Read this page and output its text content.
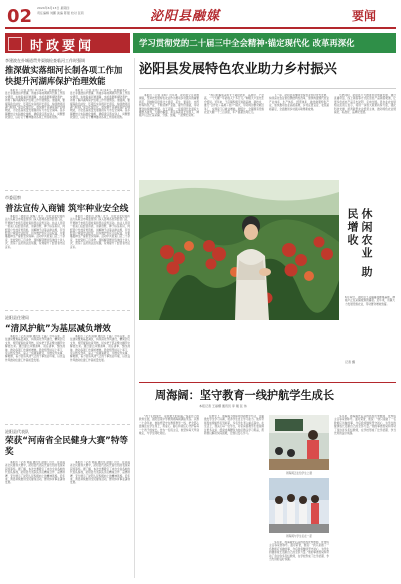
02 2024年6月13日 星期四
责任编辑 刘鹏 美编 陈强 校对 张莉	泌阳县融媒	要闻
时政要闻	学习贯彻党的二十届三中全会精神·锚定现代化 改革再深化
李建波在扑城道贯井渠镇检查临河工作时强调
推深做实落细河长制各项工作加快提升河湖库保护治理效能

本报讯（记者 张伟）6月12日，县委副书记、县长李建波到羊册镇、贾楼乡等地调研河长制工作落实情况，实地查看河道清障、水质监测和堤防养护，详细了解河湖库保护治理工作开展情况。他强调，要提高政治站位，压紧压实各级河长责任，持续推进河湖“清四乱”常态化规范化，加快提升河湖库保护治理效能，为全县高质量发展提供有力水安全保障。各乡镇要结合实际细化措施，确保责任落实到人，问题整改到位，以钉钉子精神推动各项工作落地见效。

本报讯（记者 张伟）6月12日，县委副书记、县长李建波到羊册镇、贾楼乡等地调研河长制工作落实情况，实地查看河道清障、水质监测和堤防养护，详细了解河湖库保护治理工作开展情况。他强调，要提高政治站位，压紧压实各级河长责任，持续推进河湖“清四乱”常态化规范化，加快提升河湖库保护治理效能，为全县高质量发展提供有力水安全保障。各乡镇要结合实际细化措施，确保责任落实到人，问题整改到位，以钉钉子精神推动各项工作落地见效。

市委巡察
普法宣传入商铺 筑牢种业安全线

本报讯（通讯员 李嫣）近日，县农业农村局执法大队联合市场监管部门深入县城各农资经营门店，开展种子市场专项检查和普法宣传活动。执法人员逐一检查门店经营资质、进销台账、种子标签标识，向经营户发放宣传资料，讲解种子法等法律法规，引导经营户诚信守法经营，切实维护农民合法权益，为夏播夏种生产提供坚实保障。活动中共检查门店二十余家，发放资料三百余份，现场解答群众咨询四十余人次，营造了良好的法治氛围，有效提升了经营者守法意识。

本报讯（通讯员 李嫣）近日，县农业农村局执法大队联合市场监管部门深入县城各农资经营门店，开展种子市场专项检查和普法宣传活动。执法人员逐一检查门店经营资质、进销台账、种子标签标识，向经营户发放宣传资料，讲解种子法等法律法规，引导经营户诚信守法经营，切实维护农民合法权益，为夏播夏种生产提供坚实保障。活动中共检查门店二十余家，发放资料三百余份，现场解答群众咨询四十余人次，营造了良好的法治氛围，有效提升了经营者守法意识。

泌阳县住建局
“清风护航”为基层减负增效

本报讯（记者 陈静 通讯员 王磊）今年以来，县住建局聚焦基层减负，持续深化作风建设，精简会议文件，规范督查检查考核，切实把干部从繁文缛节中解放出来。通过建立问题清单、责任清单、整改清单，推动各项工作提质增效。局党组坚持以上率下，带头转变作风，深入一线调查研究，为群众办实事、解难题，着力营造风清气正的干事创业环境，以优良作风推动住建工作高质量发展。

本报讯（记者 陈静 通讯员 王磊）今年以来，县住建局聚焦基层减负，持续深化作风建设，精简会议文件，规范督查检查考核，切实把干部从繁文缛节中解放出来。通过建立问题清单、责任清单、整改清单，推动各项工作提质增效。局党组坚持以上率下，带头转变作风，深入一线调查研究，为群众办实事、解难题，着力营造风清气正的干事创业环境，以优良作风推动住建工作高质量发展。

泌阳县代表队
荣获“河南省全民健身大赛”特等奖

本报讯（记者 刘丽 通讯员 赵强）近日，在河南省全民健身大赛中，泌阳县代表队凭借出色的表现荣获特等奖。据了解，本次比赛吸引了来自全省各地的代表队参加，泌阳县代表队队员们精诚合作、奋勇拼搏，充分展示了泌阳人民积极向上的精神风貌。近年来，我县持续推进全民健身活动，群众体育事业蓬勃发展。

本报讯（记者 刘丽 通讯员 赵强）近日，在河南省全民健身大赛中，泌阳县代表队凭借出色的表现荣获特等奖。据了解，本次比赛吸引了来自全省各地的代表队参加，泌阳县代表队队员们精诚合作、奋勇拼搏，充分展示了泌阳人民积极向上的精神风貌。近年来，我县持续推进全民健身活动，群众体育事业蓬勃发展。

泌阳县发展特色农业助力乡村振兴

本报讯（记者 李明）近年来，泌阳县立足资源禀赋，坚持把发展特色农业作为推动乡村振兴的重要抓手，因地制宜培育壮大香菇、花生、夏南牛、中药材等特色产业，不断延伸产业链、提升价值链，带动群众持续增收致富。在王店镇，一座座现代化温室大棚整齐排列，大棚内番茄、黄瓜等蔬菜长势喜人，种植户们正忙着采摘、分拣、装箱，一派繁忙景象。

“我们的番茄采用无土栽培技术，品质好、产量高，一个大棚一年能收入十多万元。”种植大户张先生介绍说。近年来，王店镇积极引进新品种、新技术，推行“合作社＋基地＋农户”模式，带动周边群众就近务工，实现家门口就业增收。据统计，全镇现有设施农业大棚一千二百余座，年产值超过两亿元。

下一步，泌阳县将继续坚持农业农村优先发展，持续深化农业供给侧结构性改革，加快构建现代农业产业体系、生产体系、经营体系，做优做强特色产业，加快推动农业高质高效、乡村宜居宜业、农民富裕富足，全面推进乡村振兴取得新成效。

与此同时，泌阳县大力推进农村电商发展，通过直播带货、线上销售等方式拓宽农产品销售渠道，让更多优质农产品走出泌阳、走向全国。县农业农村局相关负责人表示，将进一步加大政策扶持力度，强化科技支撑，培育新型农业经营主体，推动特色农业规模化、标准化、品牌化发展。

休闲农业 助民增收
6月12日，泌阳县王店镇番茄种植基地，种植户正在采摘成熟的番茄。近年来，该镇大力发展设施农业，带动群众增收致富。
记者 摄
周海阔：坚守教育一线护航学生成长
本报记者 王丽娜 通讯员 李 刚 张 伟

“孩子们的成长，是我最大的幸福。”说起自己的教育生涯，泌阳县某中学教师周海阔满脸笑容。从教二十余年来，他始终坚守在教育教学一线，把全部心血倾注在学生身上，用爱心、耐心和责任心守护着每一个孩子的成长。作为一名班主任，他坚持每天早到晚走，与学生同吃同住。

在教学上，周海阔不断探索创新教学方法，注重激发学生学习兴趣，培养学生自主学习能力。他所带班级成绩始终名列前茅，多名学生考入重点高中。在生活上，他关心每一位学生，对家庭困难学生更是倾注更多关爱，经常自掏腰包为他们购买学习用品，帮助他们解决实际困难，让他们安心学习。

周海阔正在给学生上课
周海阔与学生们在一起

多年来，周海阔先后获得县级优秀教师、优秀班主任等荣誉称号。面对荣誉，他说：“我只是做了一名教师应该做的事，今后我将继续坚守初心，为学生的健康成长贡献自己的全部力量。”他的事迹感染和带动了身边许多年轻教师，在学校形成了比学赶超、争当先进的良好氛围。

多年来，周海阔先后获得县级优秀教师、优秀班主任等荣誉称号。面对荣誉，他说：“我只是做了一名教师应该做的事，今后我将继续坚守初心，为学生的健康成长贡献自己的全部力量。”他的事迹感染和带动了身边许多年轻教师，在学校形成了比学赶超、争当先进的良好氛围。
